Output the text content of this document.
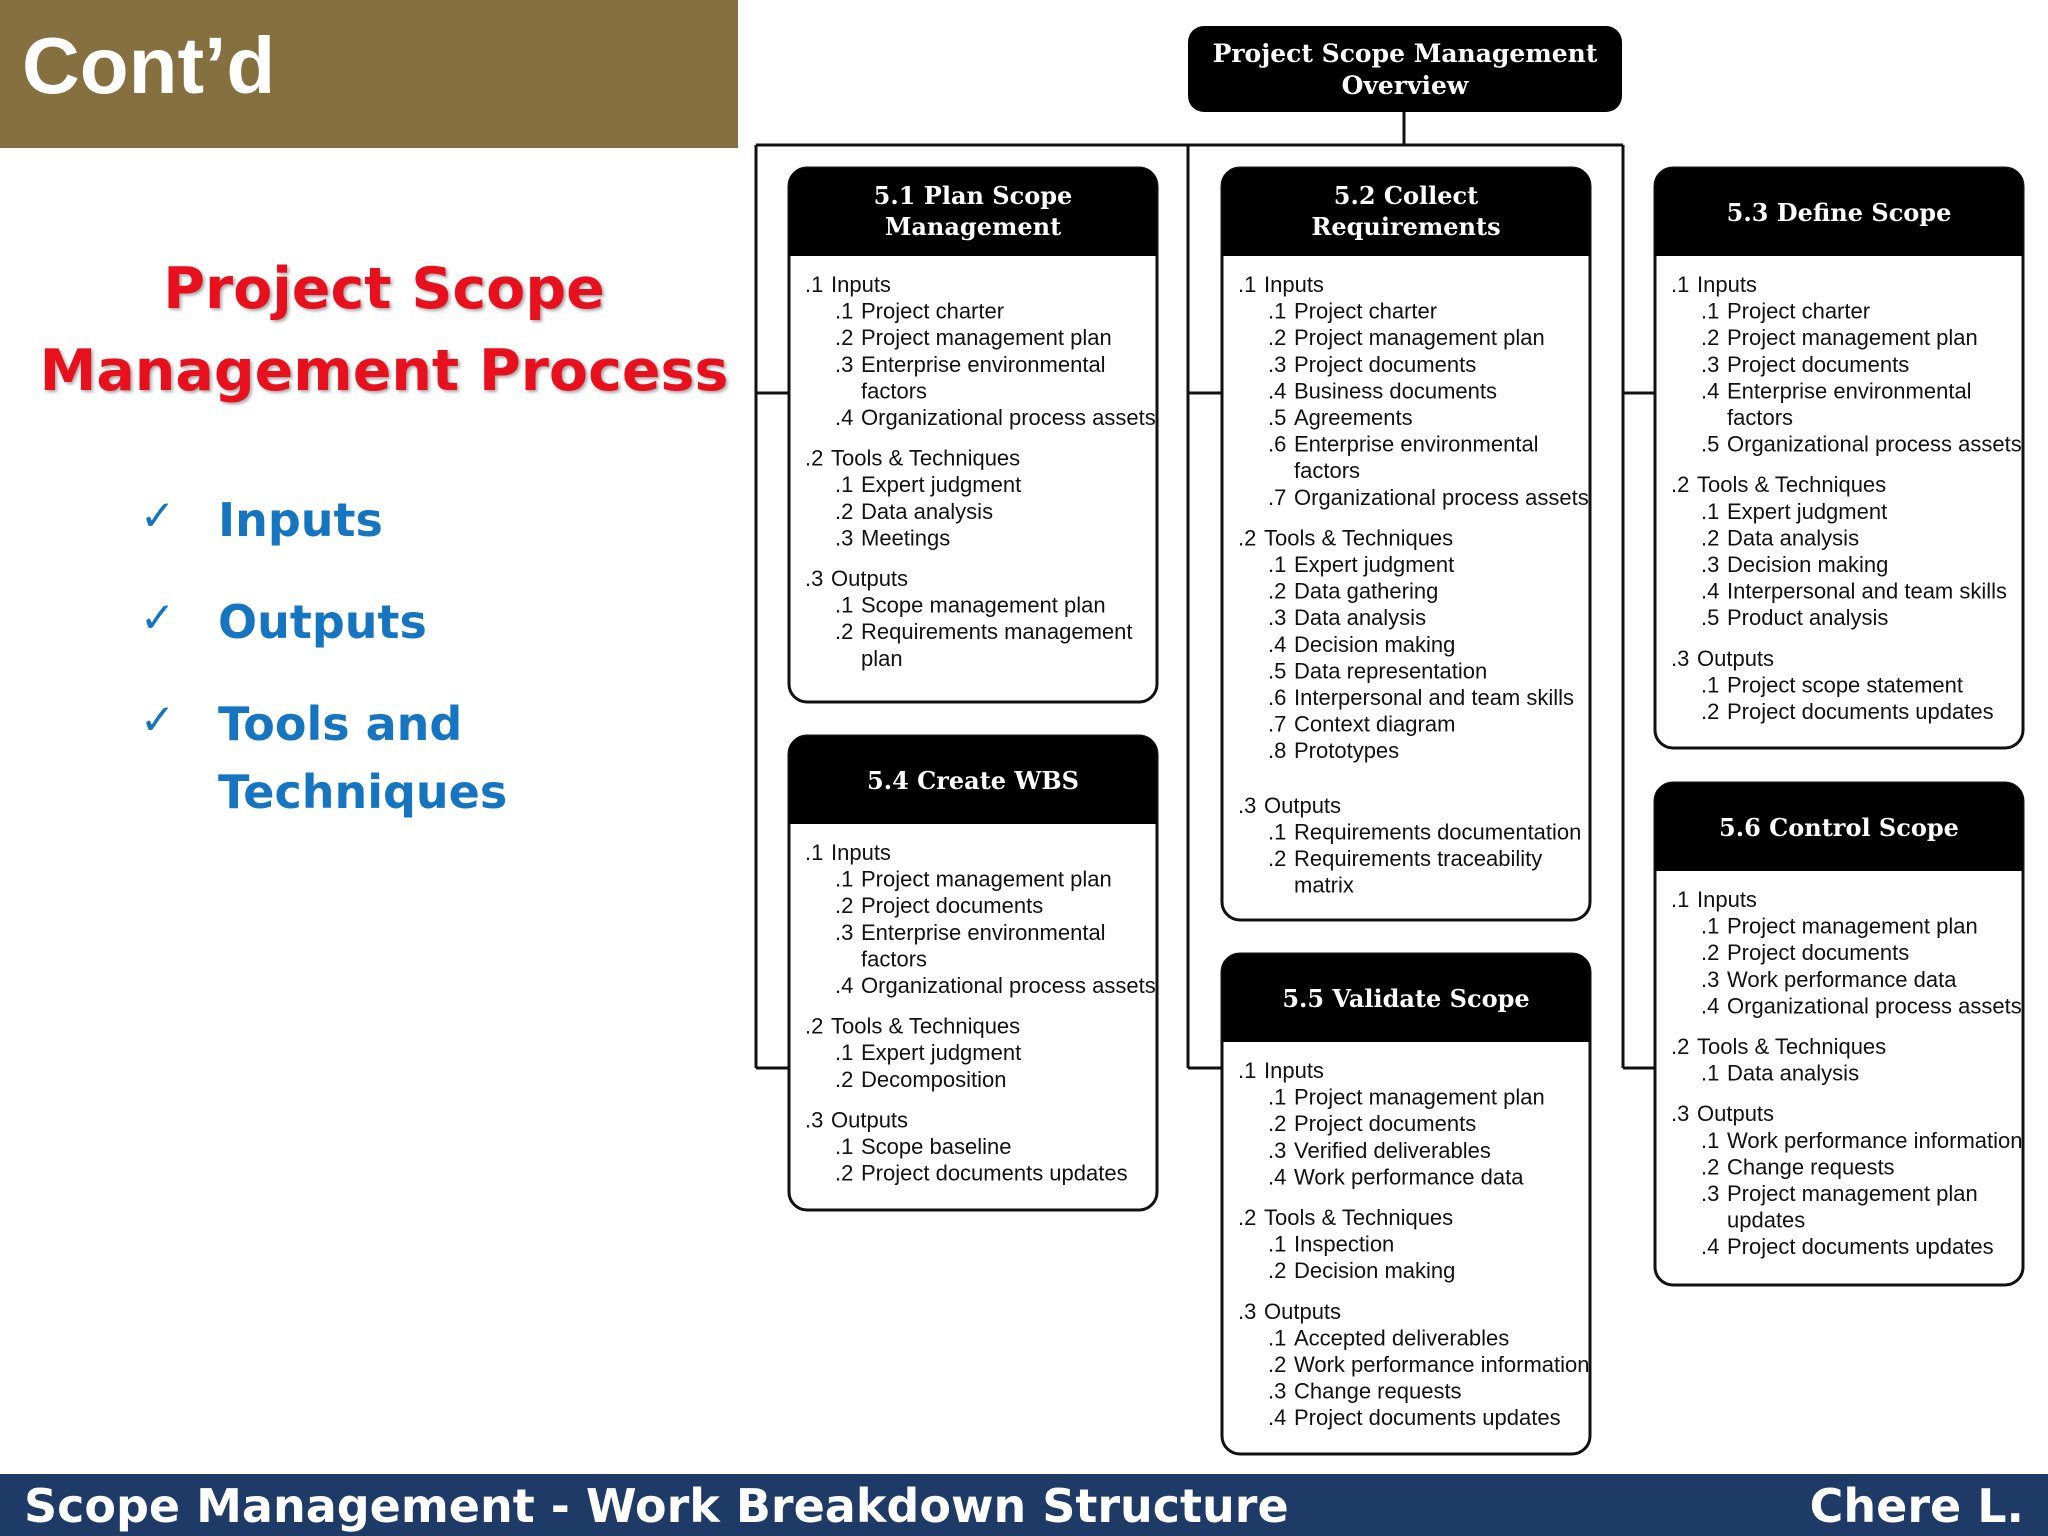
Cont’d
Project Scope
Management Process
✓ Inputs
✓ Outputs
✓ Tools and
Techniques
Project Scope Management
Overview
5.1 Plan Scope
Management
.1 Inputs
.1 Project charter
.2 Project management plan
.3 Enterprise environmental
factors
.4 Organizational process assets
.2 Tools & Techniques
.1 Expert judgment
.2 Data analysis
.3 Meetings
.3 Outputs
.1 Scope management plan
.2 Requirements management
plan
5.2 Collect
Requirements
.1 Inputs
.1 Project charter
.2 Project management plan
.3 Project documents
.4 Business documents
.5 Agreements
.6 Enterprise environmental
factors
.7 Organizational process assets
.2 Tools & Techniques
.1 Expert judgment
.2 Data gathering
.3 Data analysis
.4 Decision making
.5 Data representation
.6 Interpersonal and team skills
.7 Context diagram
.8 Prototypes
.3 Outputs
.1 Requirements documentation
.2 Requirements traceability
matrix
5.3 Define Scope
.1 Inputs
.1 Project charter
.2 Project management plan
.3 Project documents
.4 Enterprise environmental
factors
.5 Organizational process assets
.2 Tools & Techniques
.1 Expert judgment
.2 Data analysis
.3 Decision making
.4 Interpersonal and team skills
.5 Product analysis
.3 Outputs
.1 Project scope statement
.2 Project documents updates
5.4 Create WBS
.1 Inputs
.1 Project management plan
.2 Project documents
.3 Enterprise environmental
factors
.4 Organizational process assets
.2 Tools & Techniques
.1 Expert judgment
.2 Decomposition
.3 Outputs
.1 Scope baseline
.2 Project documents updates
5.5 Validate Scope
.1 Inputs
.1 Project management plan
.2 Project documents
.3 Verified deliverables
.4 Work performance data
.2 Tools & Techniques
.1 Inspection
.2 Decision making
.3 Outputs
.1 Accepted deliverables
.2 Work performance information
.3 Change requests
.4 Project documents updates
5.6 Control Scope
.1 Inputs
.1 Project management plan
.2 Project documents
.3 Work performance data
.4 Organizational process assets
.2 Tools & Techniques
.1 Data analysis
.3 Outputs
.1 Work performance information
.2 Change requests
.3 Project management plan
updates
.4 Project documents updates
Scope Management - Work Breakdown Structure	Chere L.
